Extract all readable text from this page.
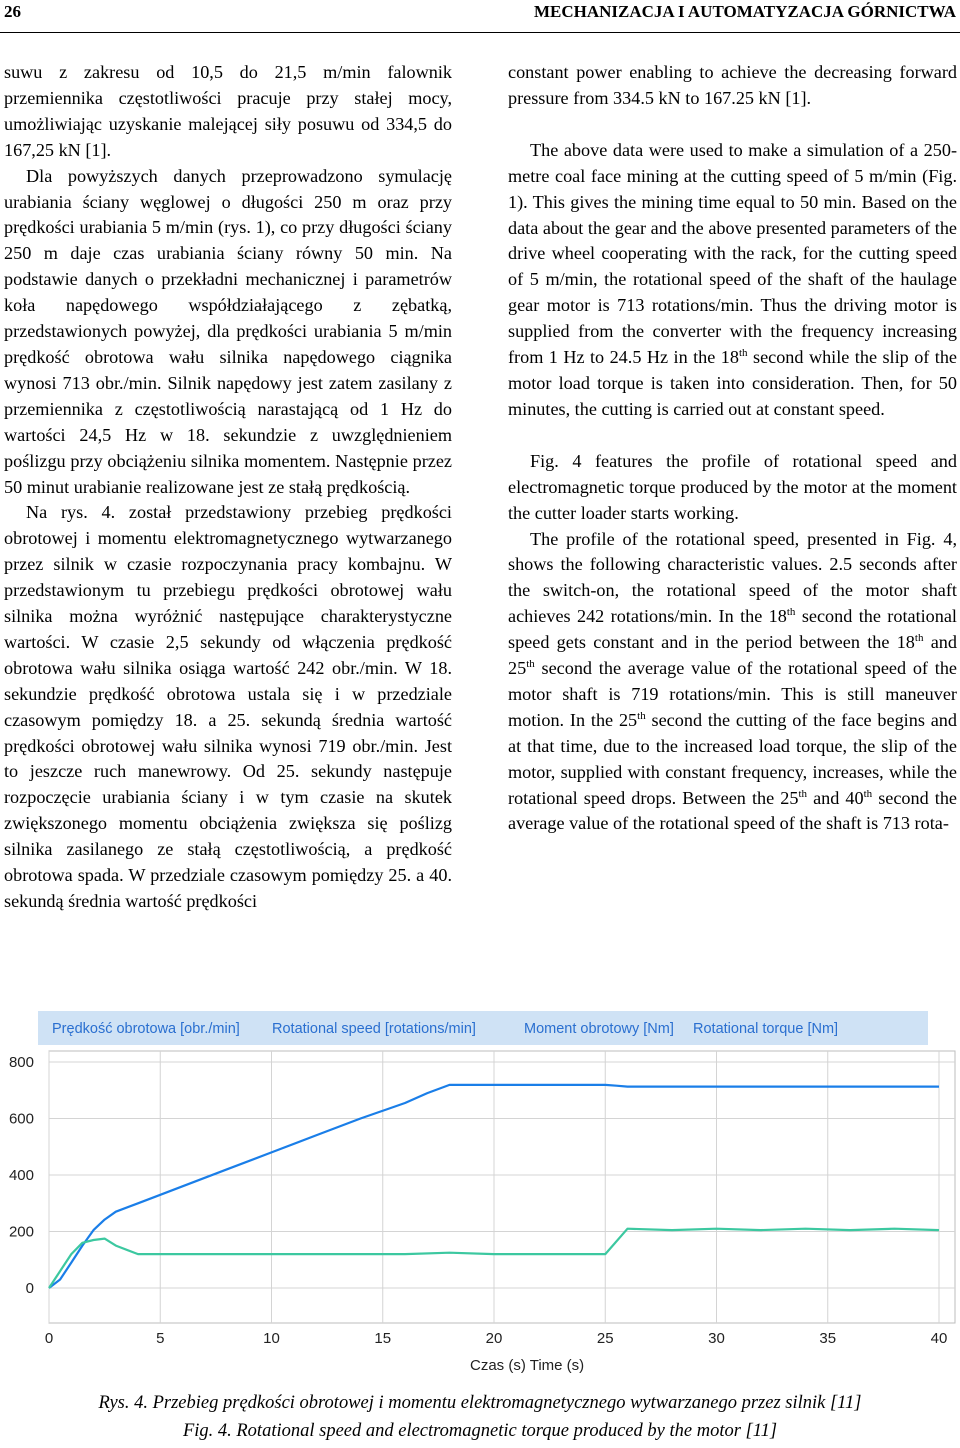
26	MECHANIZACJA I AUTOMATYZACJA GÓRNICTWA

suwu z zakresu od 10,5 do 21,5 m/min falownik przemiennika częstotliwości pracuje przy stałej mocy, umożliwiając uzyskanie malejącej siły posuwu od 334,5 do 167,25 kN [1].

Dla powyższych danych przeprowadzono symulację urabiania ściany węglowej o długości 250 m oraz przy prędkości urabiania 5 m/min (rys. 1), co przy długości ściany 250 m daje czas urabiania ściany równy 50 min. Na podstawie danych o przekładni mechanicznej i parametrów koła napędowego współdziałającego z zębatką, przedstawionych powyżej, dla prędkości urabiania 5 m/min prędkość obrotowa wału silnika napędowego ciągnika wynosi 713 obr./min. Silnik napędowy jest zatem zasilany z przemiennika z częstotliwością narastającą od 1 Hz do wartości 24,5 Hz w 18. sekundzie z uwzględnieniem poślizgu przy obciążeniu silnika momentem. Następnie przez 50 minut urabianie realizowane jest ze stałą prędkością.

Na rys. 4. został przedstawiony przebieg prędkości obrotowej i momentu elektromagnetycznego wytwarzanego przez silnik w czasie rozpoczynania pracy kombajnu. W przedstawionym tu przebiegu prędkości obrotowej wału silnika można wyróżnić następujące charakterystyczne wartości. W czasie 2,5 sekundy od włączenia prędkość obrotowa wału silnika osiąga wartość 242 obr./min. W 18. sekundzie prędkość obrotowa ustala się i w przedziale czasowym pomiędzy 18. a 25. sekundą średnia wartość prędkości obrotowej wału silnika wynosi 719 obr./min. Jest to jeszcze ruch manewrowy. Od 25. sekundy następuje rozpoczęcie urabiania ściany i w tym czasie na skutek zwiększonego momentu obciążenia zwiększa się poślizg silnika zasilanego ze stałą częstotliwością, a prędkość obrotowa spada. W przedziale czasowym pomiędzy 25. a 40. sekundą średnia wartość prędkości

constant power enabling to achieve the decreasing forward pressure from 334.5 kN to 167.25 kN [1].

The above data were used to make a simulation of a 250-metre coal face mining at the cutting speed of 5 m/min (Fig. 1). This gives the mining time equal to 50 min. Based on the data about the gear and the above presented parameters of the drive wheel cooperating with the rack, for the cutting speed of 5 m/min, the rotational speed of the shaft of the haulage gear motor is 713 rotations/min. Thus the driving motor is supplied from the converter with the frequency increasing from 1 Hz to 24.5 Hz in the 18th second while the slip of the motor load torque is taken into consideration. Then, for 50 minutes, the cutting is carried out at constant speed.

Fig. 4 features the profile of rotational speed and electromagnetic torque produced by the motor at the moment the cutter loader starts working.

The profile of the rotational speed, presented in Fig. 4, shows the following characteristic values. 2.5 seconds after the switch-on, the rotational speed of the motor shaft achieves 242 rotations/min. In the 18th second the rotational speed gets constant and in the period between the 18th and 25th second the average value of the rotational speed of the motor shaft is 719 rotations/min. This is still maneuver motion. In the 25th second the cutting of the face begins and at that time, due to the increased load torque, the slip of the motor, supplied with constant frequency, increases, while the rotational speed drops. Between the 25th and 40th second the average value of the rotational speed of the shaft is 713 rota-

Prędkość obrotowa [obr./min] Rotational speed [rotations/min]	Moment obrotowy [Nm] Rotational torque [Nm]
0
200
400
600
800
0	5	10	15	20	25	30	35	40
Czas (s) Time (s)
Rys. 4. Przebieg prędkości obrotowej i momentu elektromagnetycznego wytwarzanego przez silnik [11]
Fig. 4. Rotational speed and electromagnetic torque produced by the motor [11]
